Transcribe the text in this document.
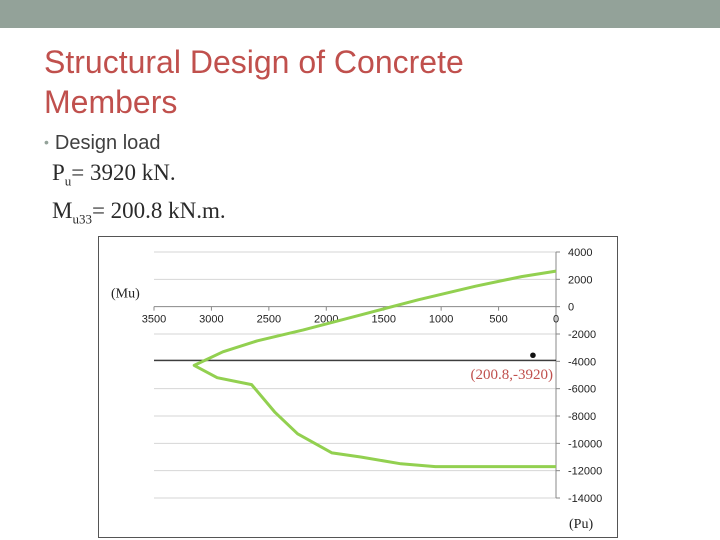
Structural Design of Concrete
Members
• Design load
$P_u= 3920$ kN.
$M_{u33}= 200.8$ kN.m.
3500	3000	2500	2000	1500	1000	500	0
4000
2000
0
-2000
-4000
-6000
-8000
-10000
-12000
-14000
(200.8,-3920)
(Mu)
(Pu)
